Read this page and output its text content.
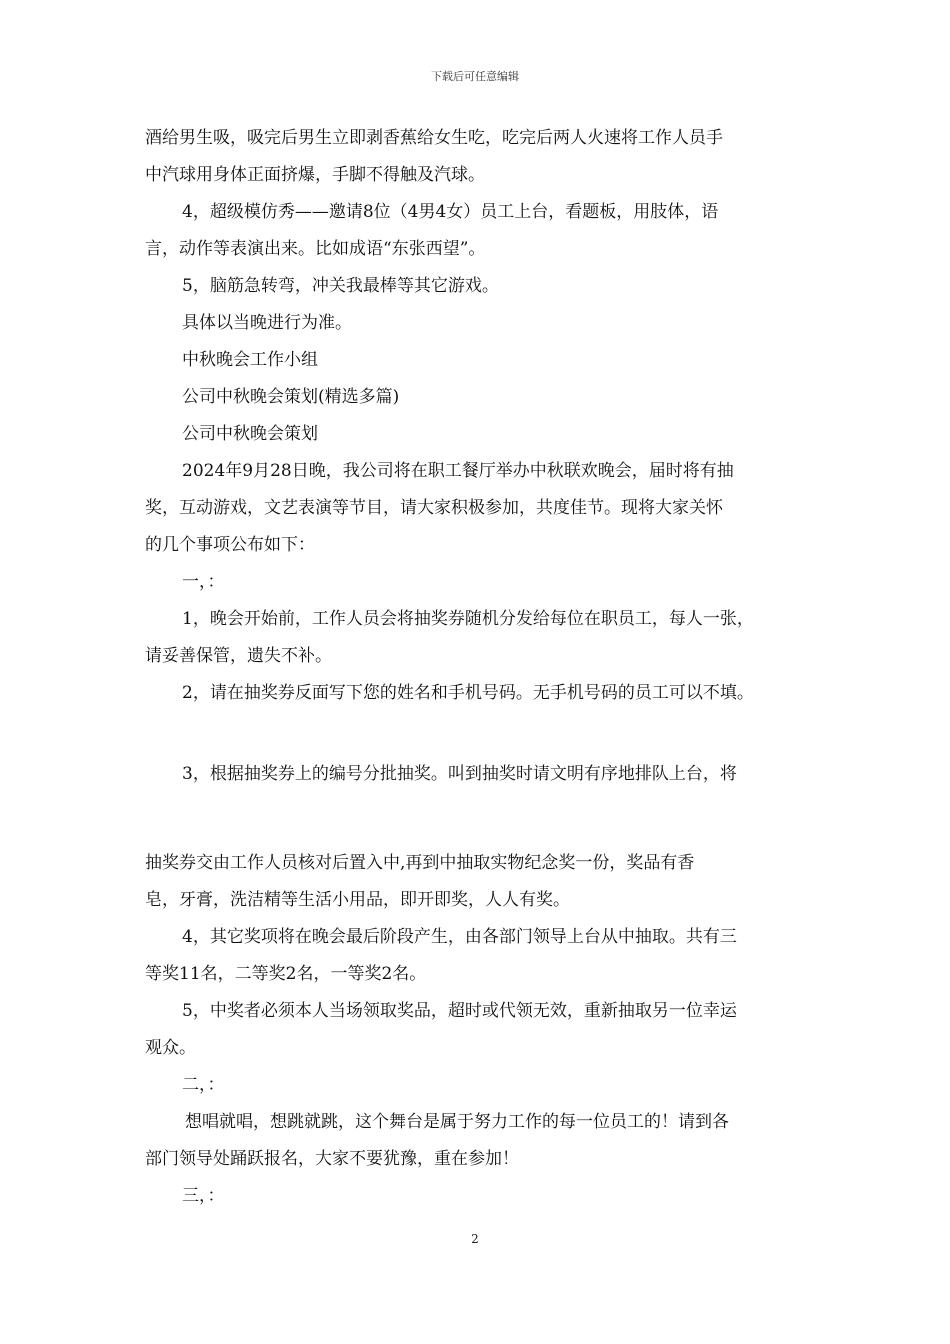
下载后可任意编辑
酒给男生吸，吸完后男生立即剥香蕉给女生吃，吃完后两人火速将工作人员手
中汽球用身体正面挤爆，手脚不得触及汽球。
4，超级模仿秀——邀请8位（4男4女）员工上台，看题板，用肢体，语
言，动作等表演出来。比如成语“东张西望”。
5，脑筋急转弯，冲关我最棒等其它游戏。
具体以当晚进行为准。
中秋晚会工作小组
公司中秋晚会策划(精选多篇)
公司中秋晚会策划
2024年9月28日晚，我公司将在职工餐厅举办中秋联欢晚会，届时将有抽
奖，互动游戏，文艺表演等节目，请大家积极参加，共度佳节。现将大家关怀
的几个事项公布如下：
一，：
1，晚会开始前，工作人员会将抽奖券随机分发给每位在职员工，每人一张，
请妥善保管，遗失不补。
2，请在抽奖券反面写下您的姓名和手机号码。无手机号码的员工可以不填。
3，根据抽奖券上的编号分批抽奖。叫到抽奖时请文明有序地排队上台，将
抽奖券交由工作人员核对后置入中,再到中抽取实物纪念奖一份，奖品有香
皂，牙膏，洗洁精等生活小用品，即开即奖，人人有奖。
4，其它奖项将在晚会最后阶段产生，由各部门领导上台从中抽取。共有三
等奖11名，二等奖2名，一等奖2名。
5，中奖者必须本人当场领取奖品，超时或代领无效，重新抽取另一位幸运
观众。
二，：
想唱就唱，想跳就跳，这个舞台是属于努力工作的每一位员工的！请到各
部门领导处踊跃报名，大家不要犹豫，重在参加！
三，：
2
